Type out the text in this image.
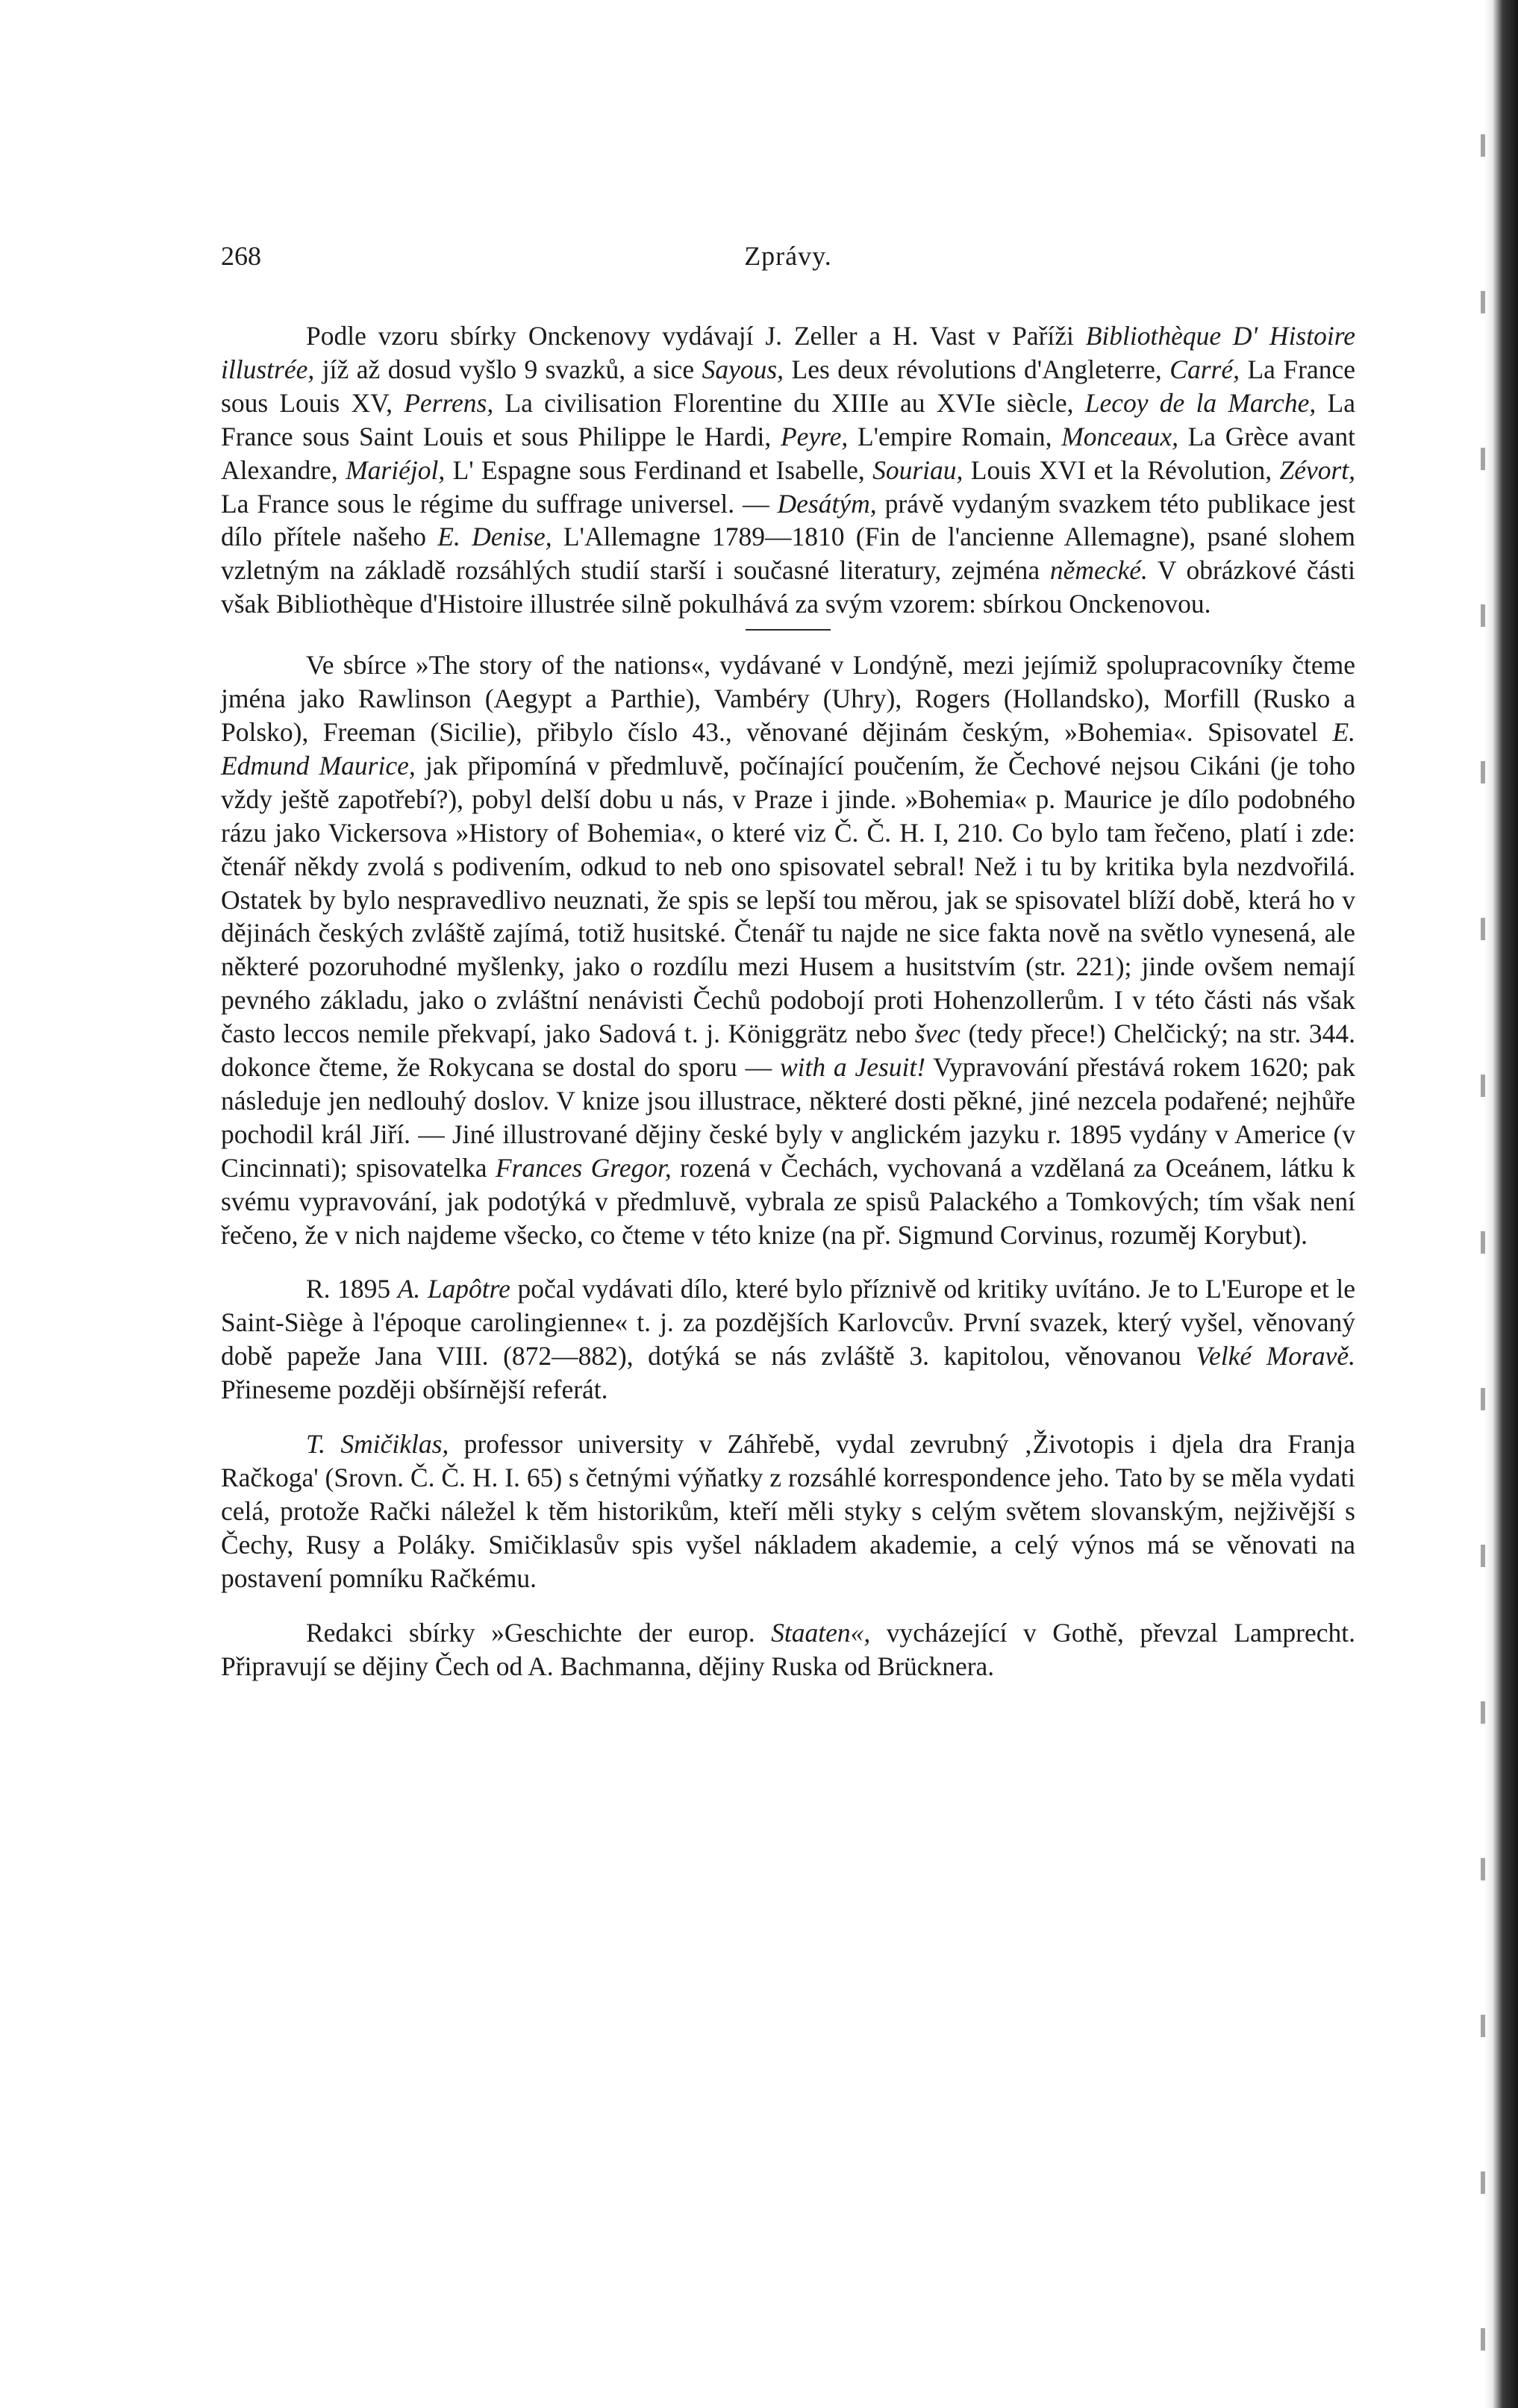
268	Zprávy.

Podle vzoru sbírky Onckenovy vydávají J. Zeller a H. Vast v Paříži Bibliothèque D' Histoire illustrée, jíž až dosud vyšlo 9 svazků, a sice Sayous, Les deux révolutions d'Angleterre, Carré, La France sous Louis XV, Perrens, La civilisation Florentine du XIIIe au XVIe siècle, Lecoy de la Marche, La France sous Saint Louis et sous Philippe le Hardi, Peyre, L'empire Romain, Monceaux, La Grèce avant Alexandre, Mariéjol, L' Espagne sous Ferdinand et Isabelle, Souriau, Louis XVI et la Révolution, Zévort, La France sous le régime du suffrage universel. — Desátým, právě vydaným svazkem této publikace jest dílo přítele našeho E. Denise, L'Allemagne 1789—1810 (Fin de l'ancienne Allemagne), psané slohem vzletným na základě rozsáhlých studií starší i současné literatury, zejména německé. V obrázkové části však Bibliothèque d'Histoire illustrée silně pokulhává za svým vzorem: sbírkou Onckenovou.

Ve sbírce »The story of the nations«, vydávané v Londýně, mezi jejímiž spolupracovníky čteme jména jako Rawlinson (Aegypt a Parthie), Vambéry (Uhry), Rogers (Hollandsko), Morfill (Rusko a Polsko), Freeman (Sicilie), přibylo číslo 43., věnované dějinám českým, »Bohemia«. Spisovatel E. Edmund Maurice, jak připomíná v předmluvě, počínající poučením, že Čechové nejsou Cikáni (je toho vždy ještě zapotřebí?), pobyl delší dobu u nás, v Praze i jinde. »Bohemia« p. Maurice je dílo podobného rázu jako Vickersova »History of Bohemia«, o které viz Č. Č. H. I, 210. Co bylo tam řečeno, platí i zde: čtenář někdy zvolá s podivením, odkud to neb ono spisovatel sebral! Než i tu by kritika byla nezdvořilá. Ostatek by bylo nespravedlivo neuznati, že spis se lepší tou měrou, jak se spisovatel blíží době, která ho v dějinách českých zvláště zajímá, totiž husitské. Čtenář tu najde ne sice fakta nově na světlo vynesená, ale některé pozoruhodné myšlenky, jako o rozdílu mezi Husem a husitstvím (str. 221); jinde ovšem nemají pevného základu, jako o zvláštní nenávisti Čechů podobojí proti Hohenzollerům. I v této části nás však často leccos nemile překvapí, jako Sadová t. j. Königgrätz nebo švec (tedy přece!) Chelčický; na str. 344. dokonce čteme, že Rokycana se dostal do sporu — with a Jesuit! Vypravování přestává rokem 1620; pak následuje jen nedlouhý doslov. V knize jsou illustrace, některé dosti pěkné, jiné nezcela podařené; nejhůře pochodil král Jiří. — Jiné illustrované dějiny české byly v anglickém jazyku r. 1895 vydány v Americe (v Cincinnati); spisovatelka Frances Gregor, rozená v Čechách, vychovaná a vzdělaná za Oceánem, látku k svému vypravování, jak podotýká v předmluvě, vybrala ze spisů Palackého a Tomkových; tím však není řečeno, že v nich najdeme všecko, co čteme v této knize (na př. Sigmund Corvinus, rozuměj Korybut).

R. 1895 A. Lapôtre počal vydávati dílo, které bylo příznivě od kritiky uvítáno. Je to L'Europe et le Saint-Siège à l'époque carolingienne« t. j. za pozdějších Karlovcův. První svazek, který vyšel, věnovaný době papeže Jana VIII. (872—882), dotýká se nás zvláště 3. kapitolou, věnovanou Velké Moravě. Přineseme později obšírnější referát.

T. Smičiklas, professor university v Záhřebě, vydal zevrubný ‚Životopis i djela dra Franja Račkoga' (Srovn. Č. Č. H. I. 65) s četnými výňatky z rozsáhlé korrespondence jeho. Tato by se měla vydati celá, protože Rački náležel k těm historikům, kteří měli styky s celým světem slovanským, nejživější s Čechy, Rusy a Poláky. Smičiklasův spis vyšel nákladem akademie, a celý výnos má se věnovati na postavení pomníku Račkému.

Redakci sbírky »Geschichte der europ. Staaten«, vycházející v Gothě, převzal Lamprecht. Připravují se dějiny Čech od A. Bachmanna, dějiny Ruska od Brücknera.
